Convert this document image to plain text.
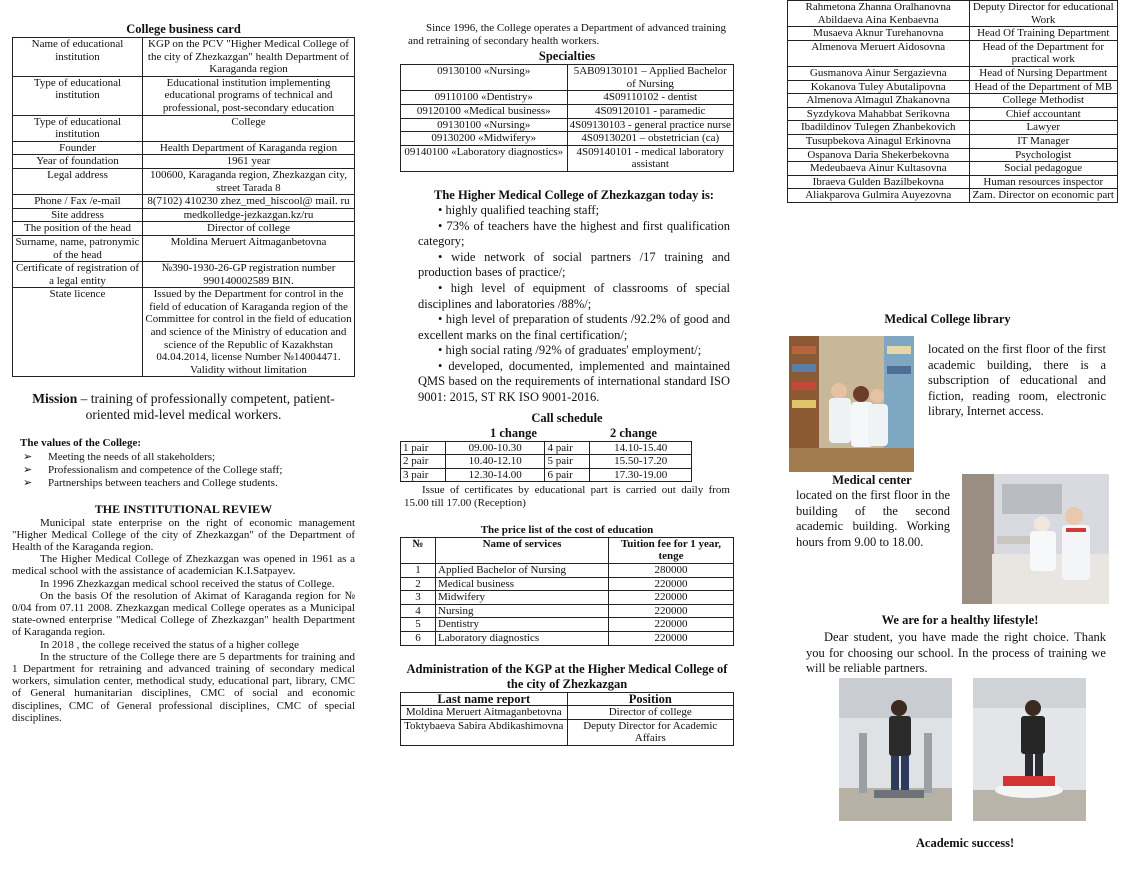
College business card
Name of educational institution	KGP on the PCV "Higher Medical College of the city of Zhezkazgan" health Department of Karaganda region
Type of educational institution	Educational institution implementing educational programs of technical and professional, post-secondary education
Type of educational institution	College
Founder	Health Department of Karaganda region
Year of foundation	1961 year
Legal address	100600, Karaganda region, Zhezkazgan city, street Tarada 8
Phone / Fax /e-mail	8(7102) 410230 zhez_med_hiscool@ mail. ru
Site address	medkolledge-jezkazgan.kz/ru
The position of the head	Director of college
Surname, name, patronymic of the head	Moldina Meruert Aitmaganbetovna
Certificate of registration of a legal entity	№390-1930-26-GP registration number 990140002589 BIN.
State licence	Issued by the Department for control in the field of education of Karaganda region of the Committee for control in the field of education and science of the Ministry of education and science of the Republic of Kazakhstan 04.04.2014, license Number №14004471. Validity without limitation
Mission – training of professionally competent, patient-oriented mid-level medical workers.
The values of the College:
➢ Meeting the needs of all stakeholders;
➢ Professionalism and competence of the College staff;
➢ Partnerships between teachers and College students.
THE INSTITUTIONAL REVIEW
Municipal state enterprise on the right of economic management "Higher Medical College of the city of Zhezkazgan" of the Department of Health of the Karaganda region.
The Higher Medical College of Zhezkazgan was opened in 1961 as a medical school with the assistance of academician K.I.Satpayev.
In 1996 Zhezkazgan medical school received the status of College.
On the basis Of the resolution of Akimat of Karaganda region for № 0/04 from 07.11 2008. Zhezkazgan medical College operates as a Municipal state-owned enterprise "Medical College of Zhezkazgan" health Department of Karaganda region.
In 2018 , the college received the status of a higher college
In the structure of the College there are 5 departments for training and 1 Department for retraining and advanced training of secondary medical workers, simulation center, methodical study, educational part, library, CMC of General humanitarian disciplines, CMC of social and economic disciplines, CMC of General professional disciplines, CMC of special disciplines.
Since 1996, the College operates a Department of advanced training and retraining of secondary health workers.
Specialties
09130100 «Nursing»	5AB09130101 – Applied Bachelor of Nursing
09110100 «Dentistry»	4S09110102 - dentist
09120100 «Medical business»	4S09120101 - paramedic
09130100 «Nursing»	4S09130103 - general practice nurse
09130200 «Midwifery»	4S09130201 – obstetrician (ca)
09140100 «Laboratory diagnostics»	4S09140101 - medical laboratory assistant
The Higher Medical College of Zhezkazgan today is:
• highly qualified teaching staff;
• 73% of teachers have the highest and first qualification category;
• wide network of social partners /17 training and production bases of practice/;
• high level of equipment of classrooms of special disciplines and laboratories /88%/;
• high level of preparation of students /92.2% of good and excellent marks on the final certification/;
• high social rating /92% of graduates' employment/;
• developed, documented, implemented and maintained QMS based on the requirements of international standard ISO 9001: 2015, ST RK ISO 9001-2016.
Call schedule
1 change	2 change
1 pair	09.00-10.30	4 pair	14.10-15.40
2 pair	10.40-12.10	5 pair	15.50-17.20
3 pair	12.30-14.00	6 pair	17.30-19.00
Issue of certificates by educational part is carried out daily from 15.00 till 17.00 (Reception)
The price list of the cost of education
№	Name of services	Tuition fee for 1 year, tenge
1	Applied Bachelor of Nursing	280000
2	Medical business	220000
3	Midwifery	220000
4	Nursing	220000
5	Dentistry	220000
6	Laboratory diagnostics	220000
Administration of the KGP at the Higher Medical College of the city of Zhezkazgan
Last name report	Position
Moldina Meruert Aitmaganbetovna	Director of college
Toktybaeva Sabira Abdikashimovna	Deputy Director for Academic Affairs
Rahmetona Zhanna Oralhanovna Abildaeva Aina Kenbaevna	Deputy Director for educational Work
Musaeva Aknur Turehanovna	Head Of Training Department
Almenova Meruert Aidosovna	Head of the Department for practical work
Gusmanova Ainur Sergazievna	Head of Nursing Department
Kokanova Tuley Abutalipovna	Head of the Department of MB
Almenova Almagul Zhakanovna	College Methodist
Syzdykova Mahabbat Serikovna	Chief accountant
Ibadildinov Tulegen Zhanbekovich	Lawyer
Tusupbekova Ainagul Erkinovna	IT Manager
Ospanova Daria Shekerbekovna	Psychologist
Medeubaeva Ainur Kultasovna	Social pedagogue
Ibraeva Gulden Bazilbekovna	Human resources inspector
Aliakparova Gulmira Auyezovna	Zam. Director on economic part
Medical College library
located on the first floor of the first academic building, there is a subscription of educational and fiction, reading room, electronic library, Internet access.
Medical center
located on the first floor in the building of the second academic building. Working hours from 9.00 to 18.00.
We are for a healthy lifestyle!
Dear student, you have made the right choice. Thank you for choosing our school. In the process of training we will be reliable partners.
Academic success!
